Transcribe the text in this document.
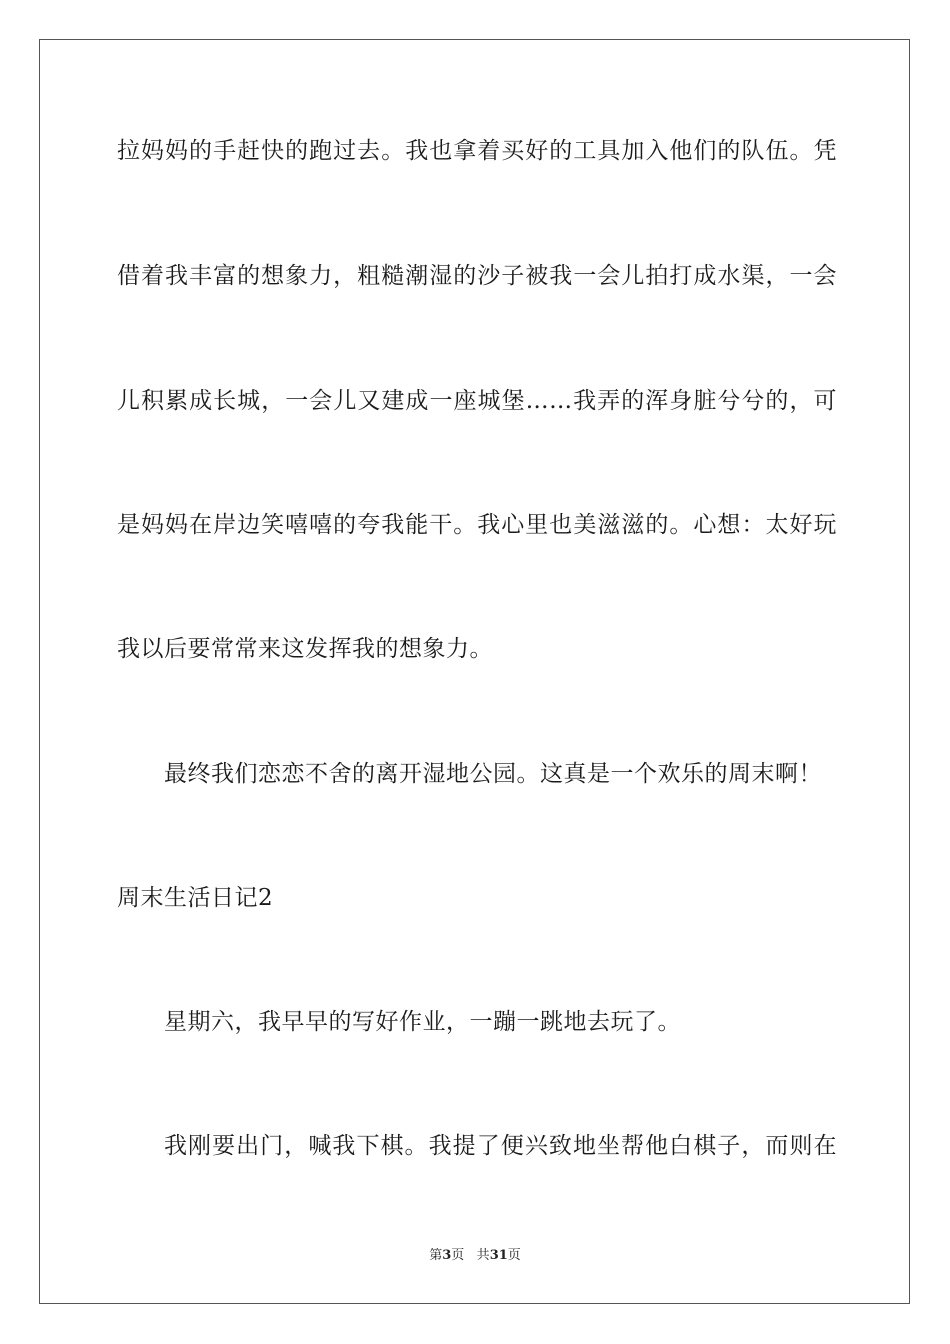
拉妈妈的手赶快的跑过去。我也拿着买好的工具加入他们的队伍。凭
借着我丰富的想象力，粗糙潮湿的沙子被我一会儿拍打成水渠，一会
儿积累成长城，一会儿又建成一座城堡……我弄的浑身脏兮兮的，可
是妈妈在岸边笑嘻嘻的夸我能干。我心里也美滋滋的。心想：太好玩
我以后要常常来这发挥我的想象力。
最终我们恋恋不舍的离开湿地公园。这真是一个欢乐的周末啊！
周末生活日记2
星期六，我早早的写好作业，一蹦一跳地去玩了。
我刚要出门，喊我下棋。我提了便兴致地坐帮他白棋子，而则在
第3页 共31页
